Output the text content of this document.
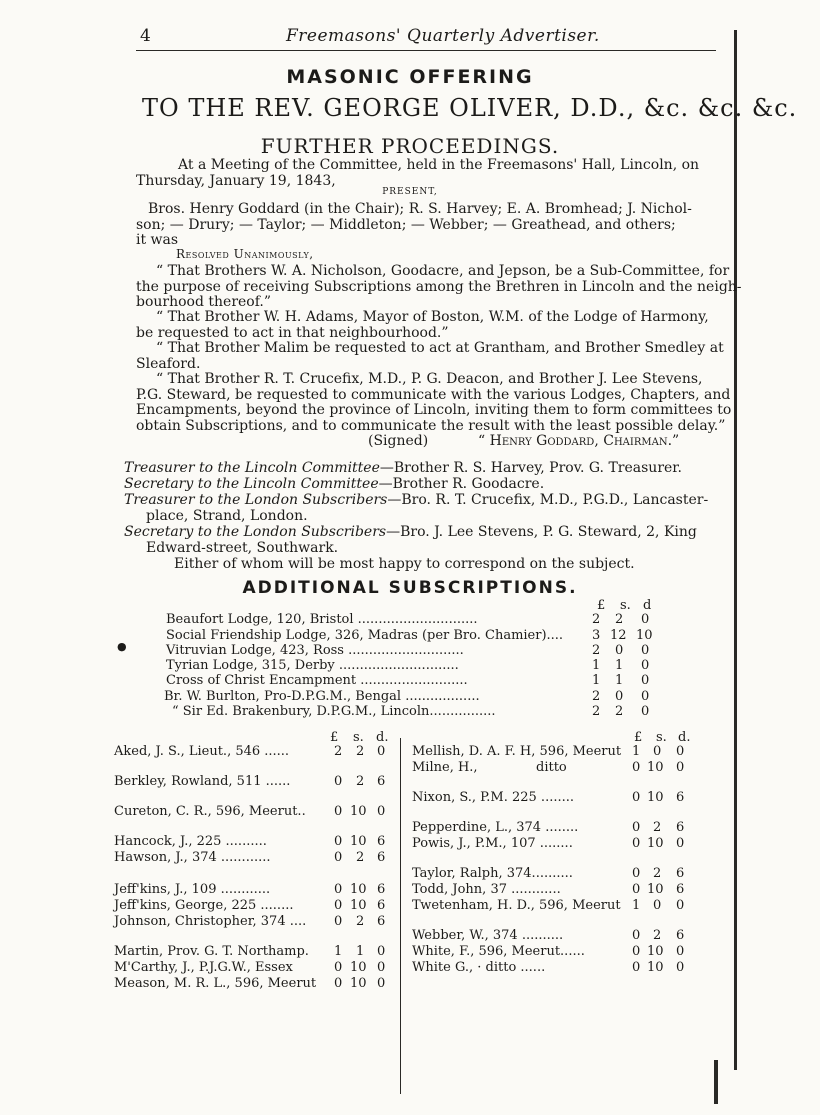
4	Freemasons' Quarterly Advertiser.
MASONIC OFFERING
TO THE REV. GEORGE OLIVER, D.D., &c. &c. &c.
FURTHER PROCEEDINGS.
At a Meeting of the Committee, held in the Freemasons' Hall, Lincoln, on
Thursday, January 19, 1843,
PRESENT,
Bros. Henry Goddard (in the Chair); R. S. Harvey; E. A. Bromhead; J. Nichol-
son; — Drury; — Taylor; — Middleton; — Webber; — Greathead, and others;
it was
Resolved Unanimously,
“ That Brothers W. A. Nicholson, Goodacre, and Jepson, be a Sub-Committee, for
the purpose of receiving Subscriptions among the Brethren in Lincoln and the neigh-
bourhood thereof.”
“ That Brother W. H. Adams, Mayor of Boston, W.M. of the Lodge of Harmony,
be requested to act in that neighbourhood.”
“ That Brother Malim be requested to act at Grantham, and Brother Smedley at
Sleaford.
“ That Brother R. T. Crucefix, M.D., P. G. Deacon, and Brother J. Lee Stevens,
P.G. Steward, be requested to communicate with the various Lodges, Chapters, and
Encampments, beyond the province of Lincoln, inviting them to form committees to
obtain Subscriptions, and to communicate the result with the least possible delay.”
(Signed)	“ Henry Goddard, Chairman.”
Treasurer to the Lincoln Committee—Brother R. S. Harvey, Prov. G. Treasurer.
Secretary to the Lincoln Committee—Brother R. Goodacre.
Treasurer to the London Subscribers—Bro. R. T. Crucefix, M.D., P.G.D., Lancaster-
place, Strand, London.
Secretary to the London Subscribers—Bro. J. Lee Stevens, P. G. Steward, 2, King
Edward-street, Southwark.
Either of whom will be most happy to correspond on the subject.
ADDITIONAL SUBSCRIPTIONS.
£ s. d
Beaufort Lodge, 120, Bristol .............................	2 2 0
Social Friendship Lodge, 326, Madras (per Bro. Chamier).... 3 12 10
Vitruvian Lodge, 423, Ross ............................	2 0 0
Tyrian Lodge, 315, Derby .............................	1 1 0
Cross of Christ Encampment ..........................	1 1 0
Br. W. Burlton, Pro-D.P.G.M., Bengal ..................	2 0 0
“ Sir Ed. Brakenbury, D.P.G.M., Lincoln................	2 2 0
●
£ s. d.	£ s. d.
Aked, J. S., Lieut., 546 ......	2 2 0
Berkley, Rowland, 511 ......	0 2 6
Cureton, C. R., 596, Meerut.. 0 10 0
Hancock, J., 225 ..........	0 10 6
Hawson, J., 374 ............	0 2 6
Jeff'kins, J., 109 ............	0 10 6
Jeff'kins, George, 225 ........	0 10 6
Johnson, Christopher, 374 .... 0 2 6
Martin, Prov. G. T. Northamp. 1 1 0
M'Carthy, J., P.J.G.W., Essex	0 10 0
Meason, M. R. L., 596, Meerut 0 10 0
Mellish, D. A. F. H, 596, Meerut 1 0 0
Milne, H.,	ditto	0 10 0
Nixon, S., P.M. 225 ........	0 10 6
Pepperdine, L., 374 ........	0 2 6
Powis, J., P.M., 107 ........	0 10 0
Taylor, Ralph, 374..........	0 2 6
Todd, John, 37 ............	0 10 6
Twetenham, H. D., 596, Meerut 1 0 0
Webber, W., 374 ..........	0 2 6
White, F., 596, Meerut......	0 10 0
White G., · ditto ......	0 10 0
